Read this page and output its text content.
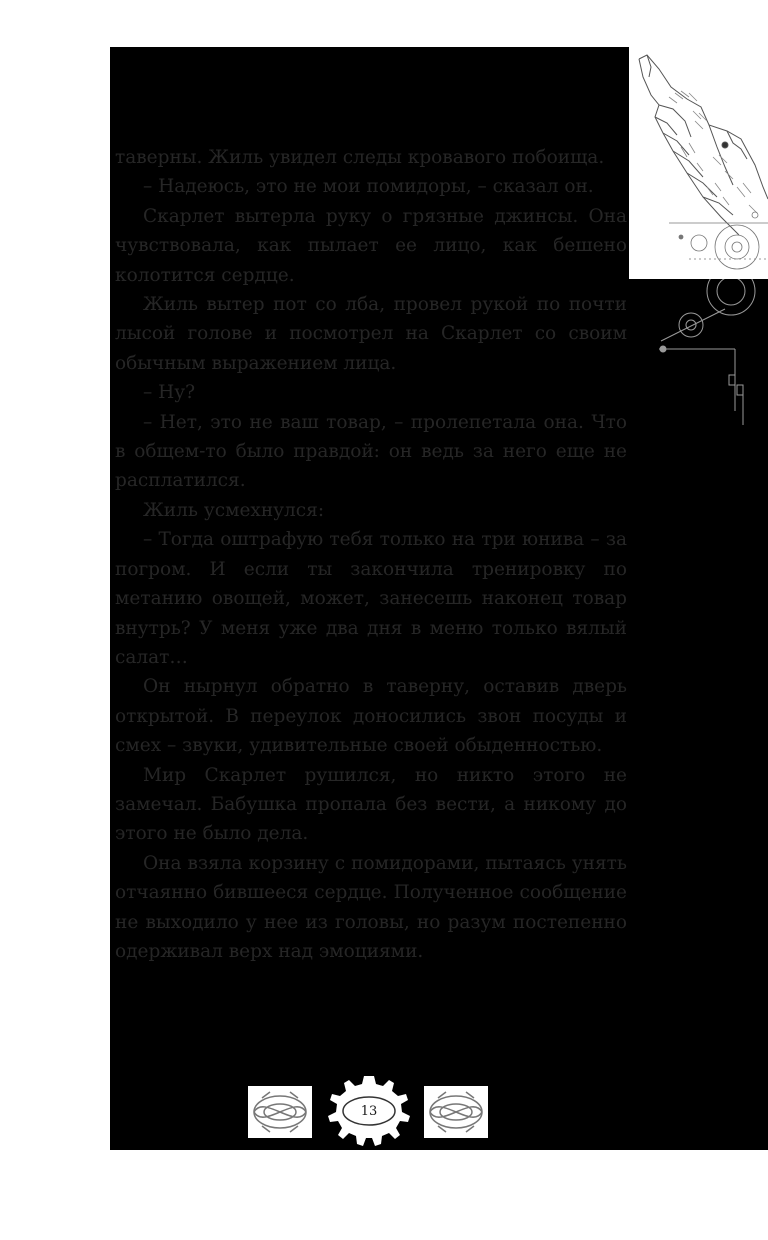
таверны. Жиль увидел следы кровавого побоища.

– Надеюсь, это не мои помидоры, – сказал он.

Скарлет вытерла руку о грязные джинсы. Она чувствовала, как пылает ее лицо, как бешено колотится сердце.

Жиль вытер пот со лба, провел рукой по почти лысой голове и посмотрел на Скарлет со своим обычным выражением лица.

– Ну?

– Нет, это не ваш товар, – пролепетала она. Что в общем-то было правдой: он ведь за него еще не расплатился.

Жиль усмехнулся:

– Тогда оштрафую тебя только на три юнива – за погром. И если ты закончила тренировку по метанию овощей, может, занесешь наконец товар внутрь? У меня уже два дня в меню только вялый салат…

Он нырнул обратно в таверну, оставив дверь открытой. В переулок доносились звон посуды и смех – звуки, удивительные своей обыденностью.

Мир Скарлет рушился, но никто этого не замечал. Бабушка пропала без вести, а никому до этого не было дела.

Она взяла корзину с помидорами, пытаясь унять отчаянно бившееся сердце. Полученное сообщение не выходило у нее из головы, но разум постепенно одерживал верх над эмоциями.

13
